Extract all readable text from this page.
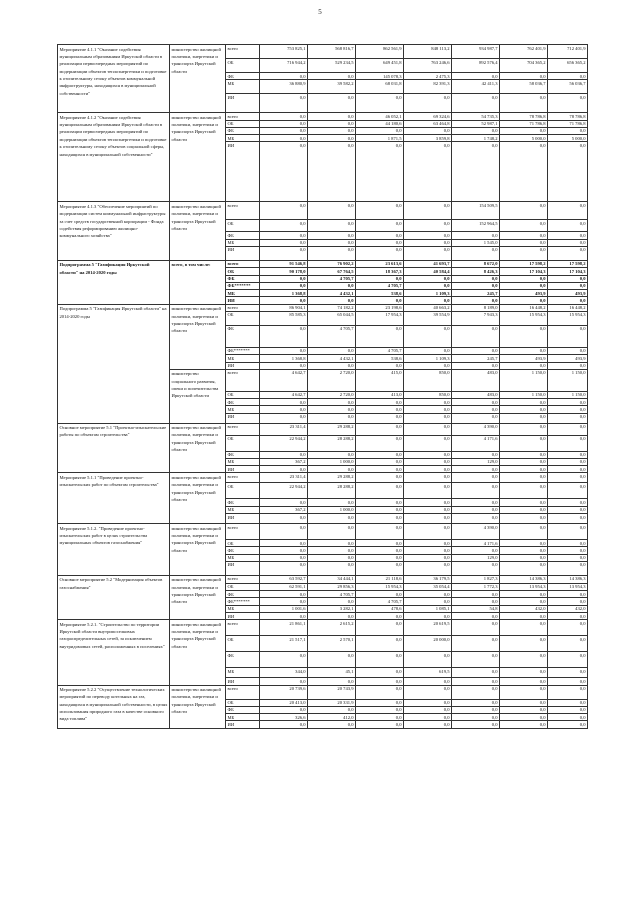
5
Мероприятие 4.1.1 "Оказание содействия муниципальным образованиям Иркутской области в реализации первоочередных мероприятий по модернизации объектов теплоэнергетики и подготовке к отопительному сезону объектов коммунальной инфраструктуры, находящихся в муниципальной собственности"	министерство жилищной политики, энергетики и транспорта Иркутской области	всего	753 825,1	568 816,7	862 561,9	848 113,2	934 987,7	762 401,9	712 401,9
		ОБ	716 944,2	529 234,5	649 451,8	763 246,6	892 576,4	704 365,2	656 365,2
		ФБ	0,0	0,0	145 078,3	2 475,3	0,0	0,0	0,0
		МБ	36 880,9	39 582,2	68 031,8	82 391,3	42 411,3	58 036,7	56 036,7
		ИИ	0,0	0,0	0,0	0,0	0,0	0,0	0,0
Мероприятие 4.1.2 "Оказание содействия муниципальным образованиям Иркутской области в реализации первоочередных мероприятий по модернизации объектов теплоэнергетики и подготовке к отопительному сезону объектов социальной сферы, находящихся в муниципальной собственности"	министерство жилищной политики, энергетики и транспорта Иркутской области	всего	0,0	0,0	46 052,1	69 324,6	54 735,3	78 786,8	78 786,8
		ОБ	0,0	0,0	44 180,6	63 464,8	52 987,1	71 786,8	71 786,8
		ФБ	0,0	0,0	0,0	0,0	0,0	0,0	0,0
		МБ	0,0	0,0	1 871,5	3 859,8	1 748,2	5 000,0	5 000,0
		ИИ	0,0	0,0	0,0	0,0	0,0	0,0	0,0
Мероприятие 4.1.3 "Обеспечение мероприятий по модернизации систем коммунальной инфраструктуры за счет средств государственной корпорации - Фонда содействия реформированию жилищно-коммунального хозяйства"	министерство жилищной политики, энергетики и транспорта Иркутской области	всего	0,0	0,0	0,0	0,0	154 509,5	0,0	0,0
		ОБ	0,0	0,0	0,0	0,0	152 964,5	0,0	0,0
		ФБ	0,0	0,0	0,0	0,0	0,0	0,0	0,0
		МБ	0,0	0,0	0,0	0,0	1 545,0	0,0	0,0
		ИИ	0,0	0,0	0,0	0,0	0,0	0,0	0,0
Подпрограмма 5 "Газификация Иркутской области" на 2014-2020 годы	всего, в том числе:	всего	91 546,8	76 902,2	23 613,6	41 693,7	8 672,0	17 598,2	17 598,2
		ОБ	90 178,0	67 764,5	18 367,3	40 584,4	8 426,3	17 104,3	17 104,3
		ФБ	0,0	4 705,7	0,0	0,0	0,0	0,0	0,0
		ФБ*******	0,0	0,0	4 705,7	0,0	0,0	0,0	0,0
		МБ	1 368,8	4 432,1	538,6	1 109,3	245,7	493,9	493,9
		ИИ	0,0	0,0	0,0	0,0	0,0	0,0	0,0
Подпрограмма 5 "Газификация Иркутской области" на 2014-2020 годы	министерство жилищной политики, энергетики и транспорта Иркутской области	всего	86 904,1	74 182,2	23 198,6	40 663,2	8 189,0	16 448,2	16 448,2
		ОБ	85 585,3	65 044,5	17 954,3	39 554,9	7 943,3	15 954,3	15 954,3
		ФБ	0,0	4 705,7	0,0	0,0	0,0	0,0	0,0
		ФБ*******	0,0	0,0	4 705,7	0,0	0,0	0,0	0,0
		МБ	1 368,8	4 432,1	538,6	1 109,3	245,7	493,9	493,9
		ИИ	0,0	0,0	0,0	0,0	0,0	0,0	0,0
	министерство социального развития, опеки и попечительства Иркутской области	всего	4 642,7	2 720,0	415,0	850,0	483,0	1 150,0	1 150,0
		ОБ	4 642,7	2 720,0	413,0	850,0	483,0	1 150,0	1 150,0
		ФБ	0,0	0,0	0,0	0,0	0,0	0,0	0,0
		МБ	0,0	0,0	0,0	0,0	0,0	0,0	0,0
		ИИ	0,0	0,0	0,0	0,0	0,0	0,0	0,0
Основное мероприятие 5.1 "Проектно-изыскательские работы по объектам строительства"	министерство жилищной политики, энергетики и транспорта Иркутской области	всего	23 311,4	29 288,2	0,0	0,0	4 390,0	0,0	0,0
		ОБ	22 944,2	28 288,2	0,0	0,0	4 171,6	0,0	0,0
		ФБ	0,0	0,0	0,0	0,0	0,0	0,0	0,0
		МБ	367,2	1 000,0	0,0	0,0	129,0	0,0	0,0
		ИИ	0,0	0,0	0,0	0,0	0,0	0,0	0,0
Мероприятие 5.1.1 "Проведение проектно-изыскательских работ по объектам строительства"	министерство жилищной политики, энергетики и транспорта Иркутской области	всего	23 311,4	29 288,2	0,0	0,0	0,0	0,0	0,0
		ОБ	22 944,2	28 288,2	0,0	0,0	0,0	0,0	0,0
		ФБ	0,0	0,0	0,0	0,0	0,0	0,0	0,0
		МБ	367,2	1 000,0	0,0	0,0	0,0	0,0	0,0
		ИИ	0,0	0,0	0,0	0,0	0,0	0,0	0,0
Мероприятие 5.1.2. "Проведение проектно-изыскательских работ в целях строительства муниципальных объектов газоснабжения"	министерство жилищной политики, энергетики и транспорта Иркутской области	всего	0,0	0,0	0,0	0,0	4 390,0	0,0	0,0
		ОБ	0,0	0,0	0,0	0,0	4 171,6	0,0	0,0
		ФБ	0,0	0,0	0,0	0,0	0,0	0,0	0,0
		МБ	0,0	0,0	0,0	0,0	129,0	0,0	0,0
		ИИ	0,0	0,0	0,0	0,0	0,0	0,0	0,0
Основное мероприятие 5.2 "Модернизация объектов газоснабжения"	министерство жилищной политики, энергетики и транспорта Иркутской области	всего	63 592,7	34 444,1	21 118,6	36 179,5	1 827,3	14 386,3	14 386,3
		ОБ	62 591,1	29 856,3	15 954,3	35 054,4	1 772,3	13 954,3	13 954,3
		ФБ	0,0	4 705,7	0,0	0,0	0,0	0,0	0,0
		ФБ*******	0,0	0,0	4 705,7	0,0	0,0	0,0	0,0
		МБ	1 001,6	3 282,1	478,6	1 085,1	54,8	432,0	432,0
		ИИ	0,0	0,0	0,0	0,0	0,0	0,0	0,0
Мероприятие 5.2.1. "Строительство по территории Иркутской области внутрипоселковых газораспределительных сетей, за исключением внутридомовых сетей, расположенных в поселениях"	министерство жилищной политики, энергетики и транспорта Иркутской области	всего	21 861,1	2 615,2	0,0	20 619,5	0,0	0,0	0,0
		ОБ	21 517,1	2 570,1	0,0	20 000,0	0,0	0,0	0,0
		ФБ	0,0	0,0	0,0	0,0	0,0	0,0	0,0
		МБ	344,0	45,1	0,0	619,5	0,0	0,0	0,0
		ИИ	0,0	0,0	0,0	0,0	0,0	0,0	0,0
Мероприятие 5.2.2 "Осуществление технологических мероприятий по переводу котельных на газ, находящихся в муниципальной собственности, в целях использования природного газа в качестве основного вида топлива"	министерство жилищной политики, энергетики и транспорта Иркутской области	всего	20 739,6	20 743,9	0,0	0,0	0,0	0,0	0,0
		ОБ	20 413,0	20 331,9	0,0	0,0	0,0	0,0	0,0
		ФБ	0,0	0,0	0,0	0,0	0,0	0,0	0,0
		МБ	326,6	412,0	0,0	0,0	0,0	0,0	0,0
		ИИ	0,0	0,0	0,0	0,0	0,0	0,0	0,0
